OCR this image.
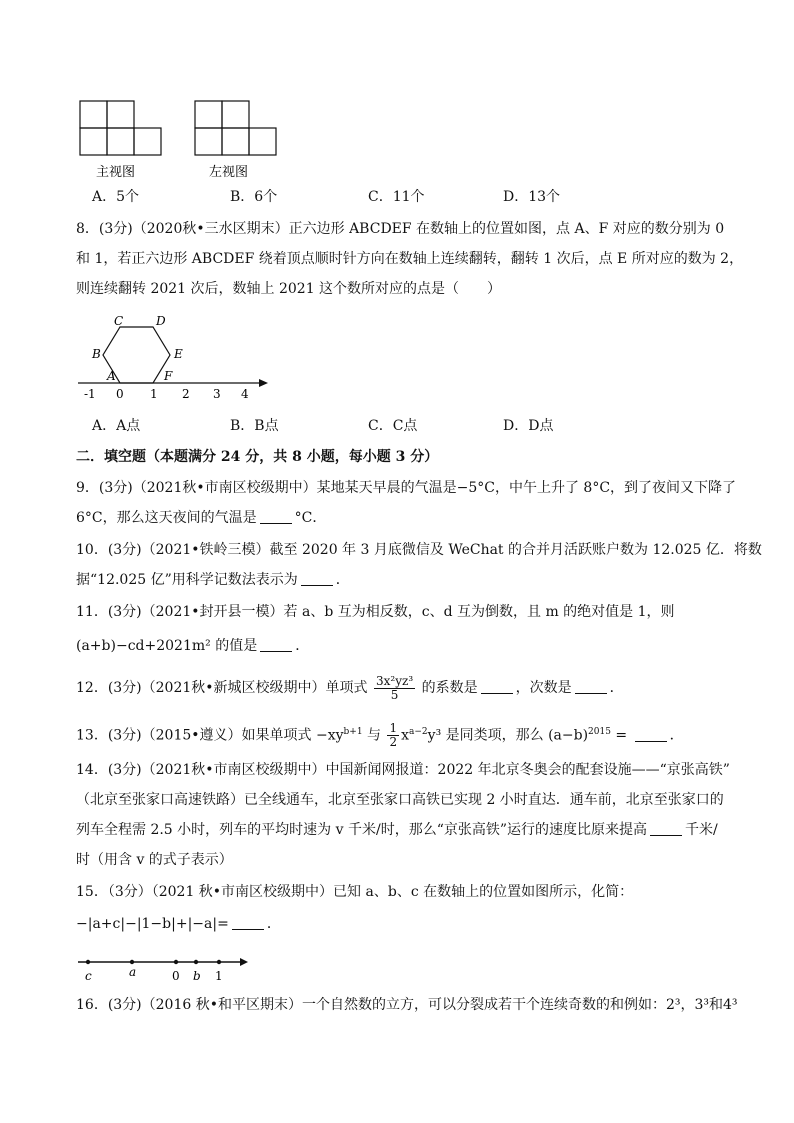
主视图	左视图
A．5个	B．6个	C．11个	D．13个
8．(3分)（2020秋•三水区期末）正六边形 ABCDEF 在数轴上的位置如图，点 A、F 对应的数分别为 0
和 1，若正六边形 ABCDEF 绕着顶点顺时针方向在数轴上连续翻转，翻转 1 次后，点 E 所对应的数为 2，
则连续翻转 2021 次后，数轴上 2021 这个数所对应的点是（　　）
A
B
C	D
E
F
-1 0 1 2 3 4
A．A点	B．B点	C．C点	D．D点
二．填空题（本题满分 24 分，共 8 小题，每小题 3 分）
9．(3分)（2021秋•市南区校级期中）某地某天早晨的气温是−5°C，中午上升了 8°C，到了夜间又下降了
6°C，那么这天夜间的气温是	°C．
10．(3分)（2021•铁岭三模）截至 2020 年 3 月底微信及 WeChat 的合并月活跃账户数为 12.025 亿．将数
据“12.025 亿”用科学记数法表示为	．
11．(3分)（2021•封开县一模）若 a、b 互为相反数，c、d 互为倒数，且 m 的绝对值是 1，则
(a+b)−cd+2021m² 的值是	．
12．(3分)（2021秋•新城区校级期中）单项式 $\frac{\text{3x²yz³}}{5}$ 的系数是	，次数是	．
13．(3分)（2015•遵义）如果单项式 $-xy^{b+1}$ 与 $\frac{1}{2} x^{a-2}y^3$ 是同类项，那么 $(a-b)^{2015}$ =	．
14．(3分)（2021秋•市南区校级期中）中国新闻网报道：2022 年北京冬奥会的配套设施——“京张高铁”
（北京至张家口高速铁路）已全线通车，北京至张家口高铁已实现 2 小时直达．通车前，北京至张家口的
列车全程需 2.5 小时，列车的平均时速为 v 千米/时，那么“京张高铁”运行的速度比原来提高	千米/
时（用含 v 的式子表示）
15．（3分）（2021 秋•市南区校级期中）已知 a、b、c 在数轴上的位置如图所示，化简：
−|a+c|−|1−b|+|−a|=	．
c	a	0 b 1
16．(3分)（2016 秋•和平区期末）一个自然数的立方，可以分裂成若干个连续奇数的和例如：2³，3³和4³
